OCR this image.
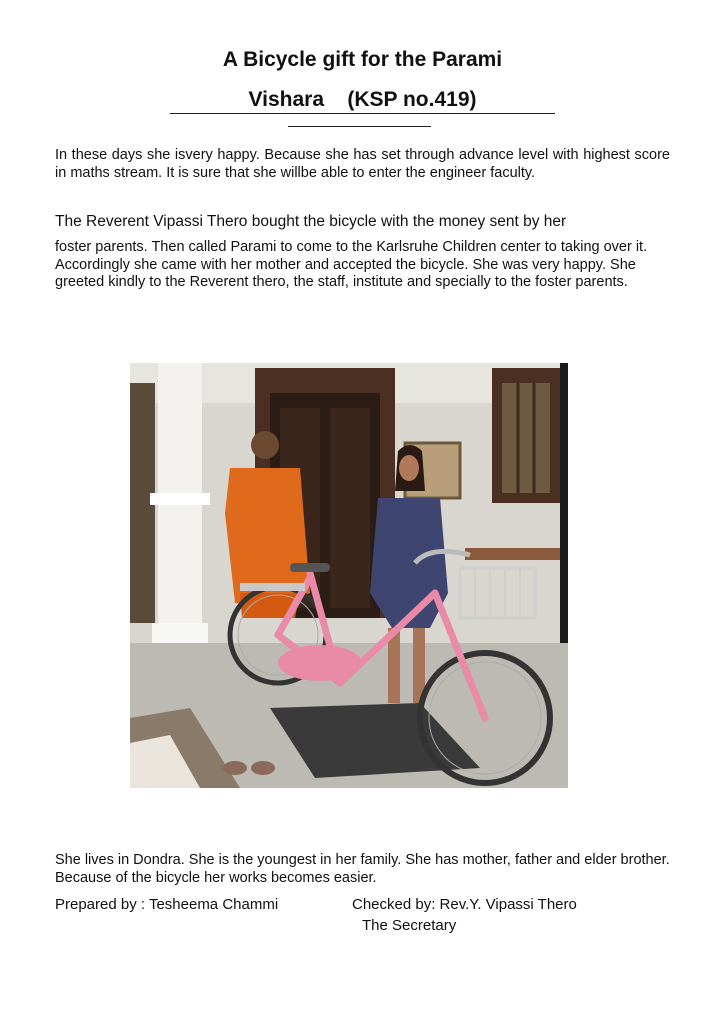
A Bicycle gift for the Parami
Vishara    (KSP no.419)
In these days she isvery happy. Because she has set through advance level with highest score in maths stream. It is sure that she willbe able to enter the engineer faculty.
The Reverent Vipassi Thero bought the bicycle with the money sent by her
foster parents. Then called Parami to come to the Karlsruhe Children center to taking over it. Accordingly she came with her mother and accepted the bicycle. She was very happy. She greeted kindly to the Reverent thero, the staff, institute and specially to the foster parents.
She lives in Dondra. She is the youngest in her family. She has mother, father and elder brother. Because of the bicycle her works becomes easier.
Prepared by : Tesheema Chammi	Checked by: Rev.Y. Vipassi Thero
The Secretary
